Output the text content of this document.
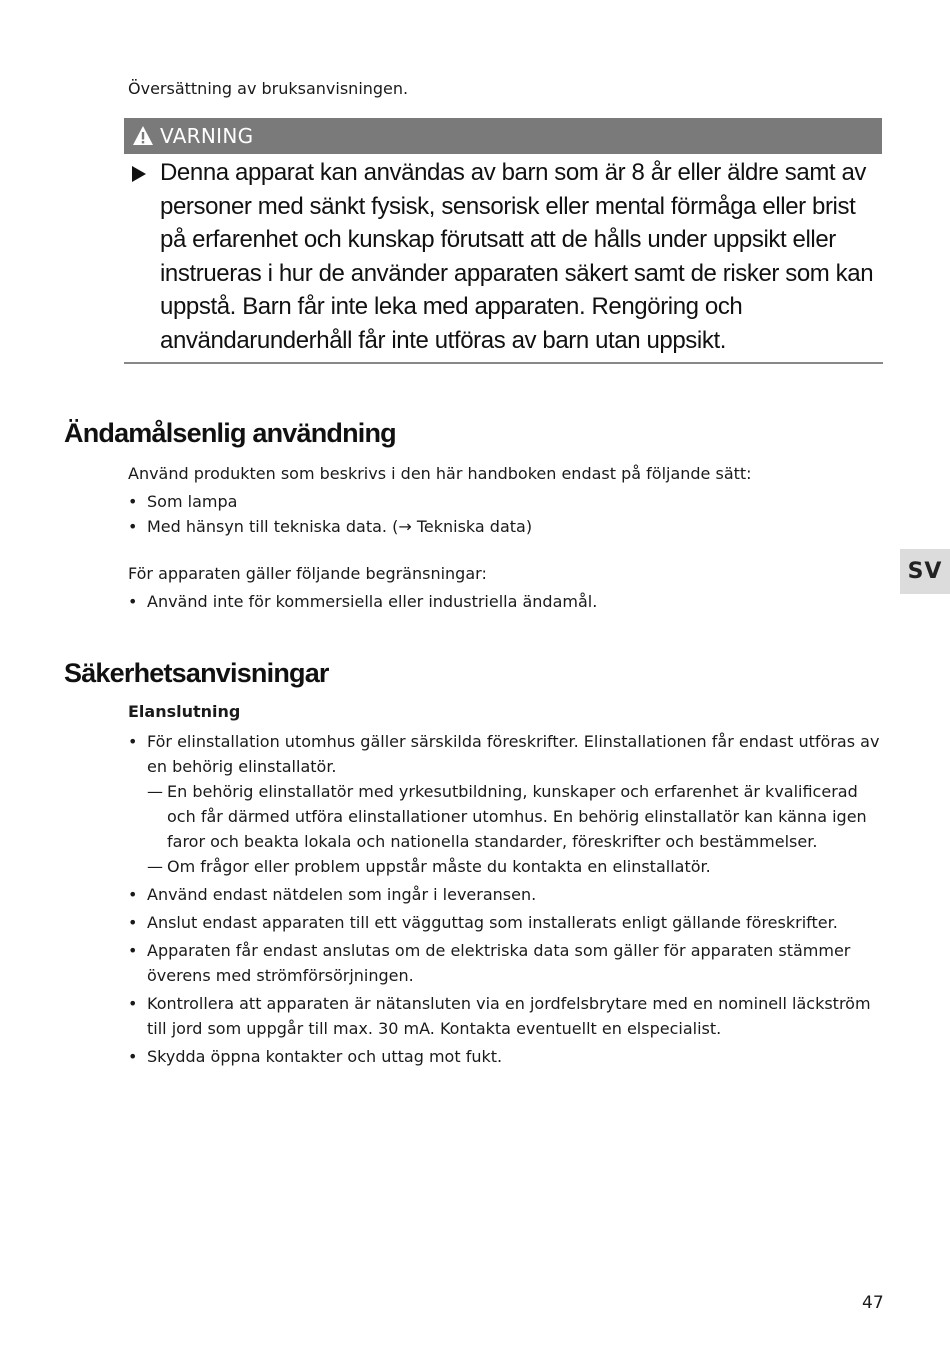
Översättning av bruksanvisningen.
VARNING
Denna apparat kan användas av barn som är 8 år eller äldre samt av personer med sänkt fysisk, sensorisk eller mental förmåga eller brist på erfarenhet och kunskap förutsatt att de hålls under uppsikt eller instrueras i hur de använder apparaten säkert samt de risker som kan uppstå. Barn får inte leka med apparaten. Rengöring och användarunderhåll får inte utföras av barn utan uppsikt.
Ändamålsenlig användning
Använd produkten som beskrivs i den här handboken endast på följande sätt:
• Som lampa
• Med hänsyn till tekniska data. (→ Tekniska data)
För apparaten gäller följande begränsningar:
• Använd inte för kommersiella eller industriella ändamål.
Säkerhetsanvisningar
Elanslutning
• För elinstallation utomhus gäller särskilda föreskrifter. Elinstallationen får endast utföras av en behörig elinstallatör.
— En behörig elinstallatör med yrkesutbildning, kunskaper och erfarenhet är kvalificerad och får därmed utföra elinstallationer utomhus. En behörig elinstallatör kan känna igen faror och beakta lokala och nationella standarder, föreskrifter och bestämmelser.
— Om frågor eller problem uppstår måste du kontakta en elinstallatör.
• Använd endast nätdelen som ingår i leveransen.
• Anslut endast apparaten till ett vägguttag som installerats enligt gällande föreskrifter.
• Apparaten får endast anslutas om de elektriska data som gäller för apparaten stämmer överens med strömförsörjningen.
• Kontrollera att apparaten är nätansluten via en jordfelsbrytare med en nominell läckström till jord som uppgår till max. 30 mA. Kontakta eventuellt en elspecialist.
• Skydda öppna kontakter och uttag mot fukt.
SV
47
